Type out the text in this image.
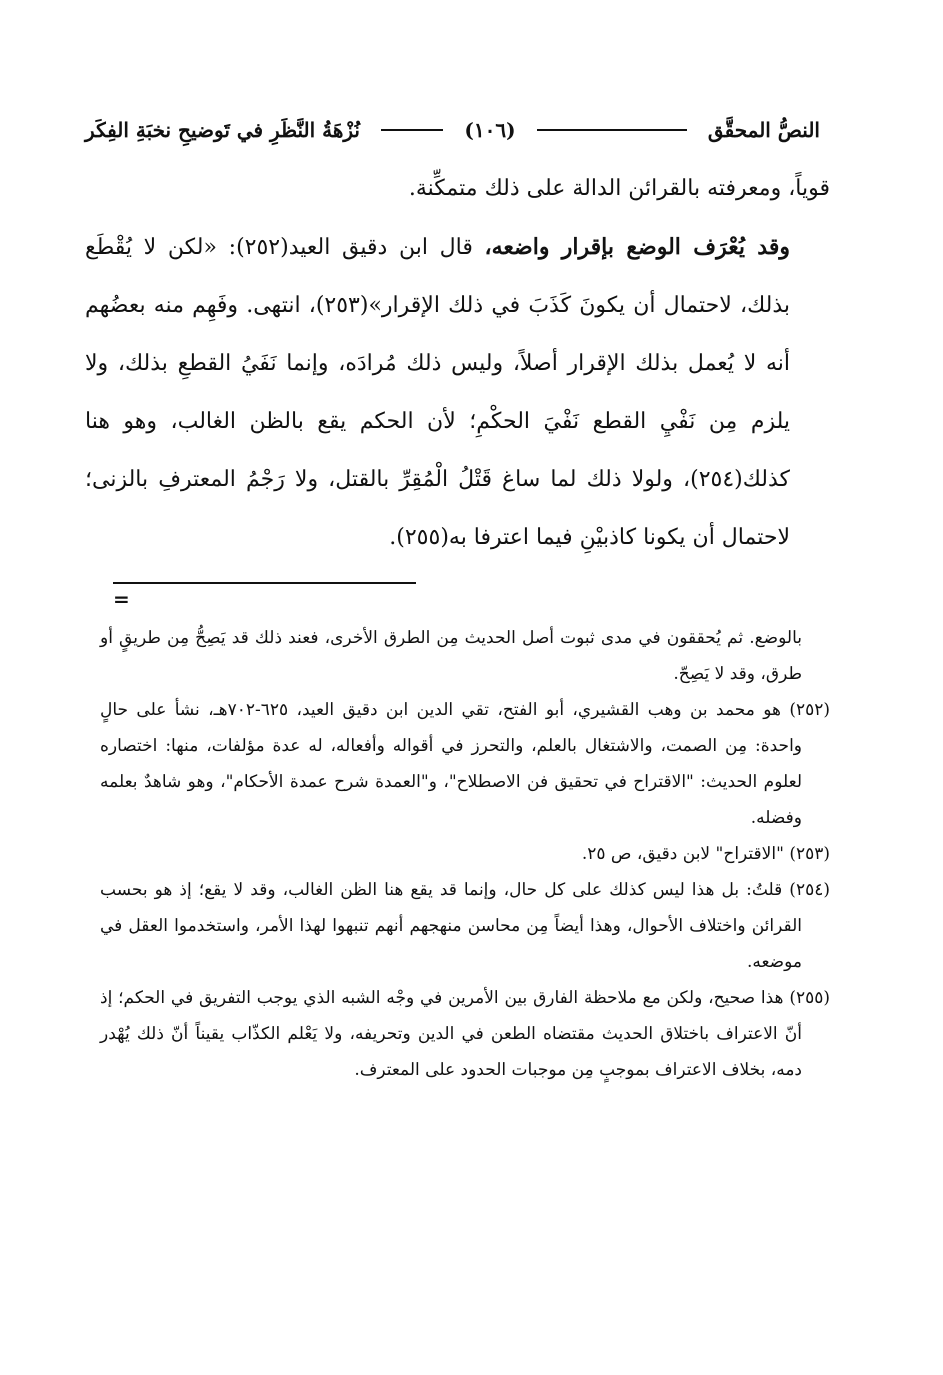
النصُّ المحقَّق
(١٠٦)
نُزْهَةُ النَّظَرِ في تَوضيحِ نخبَةِ الفِكَر

قوياً، ومعرفته بالقرائن الدالة على ذلك متمكِّنة.

وقد يُعْرَف الوضع بإقرار واضعه، قال ابن دقيق العيد(٢٥٢): «لكن لا يُقْطَع بذلك، لاحتمال أن يكونَ كَذَبَ في ذلك الإقرار»(٢٥٣)، انتهى. وفَهِم منه بعضُهم أنه لا يُعمل بذلك الإقرار أصلاً، وليس ذلك مُرادَه، وإنما نَفَيُ القطعِ بذلك، ولا يلزم مِن نَفْيِ القطع نَفْيَ الحكْمِ؛ لأن الحكم يقع بالظن الغالب، وهو هنا كذلك(٢٥٤)، ولولا ذلك لما ساغ قَتْلُ الْمُقِرِّ بالقتل، ولا رَجْمُ المعترفِ بالزنى؛ لاحتمال أن يكونا كاذبيْنِ فيما اعترفا به(٢٥٥).

=

بالوضع. ثم يُحققون في مدى ثبوت أصل الحديث مِن الطرق الأخرى، فعند ذلك قد يَصِحُّ مِن طريقٍ أو طرق، وقد لا يَصِحّ.

(٢٥٢) هو محمد بن وهب القشيري، أبو الفتح، تقي الدين ابن دقيق العيد، ٦٢٥-٧٠٢هـ، نشأ على حالٍ واحدة: مِن الصمت، والاشتغال بالعلم، والتحرز في أقواله وأفعاله، له عدة مؤلفات، منها: اختصاره لعلوم الحديث: "الاقتراح في تحقيق فن الاصطلاح"، و"العمدة شرح عمدة الأحكام"، وهو شاهدٌ بعلمه وفضله.

(٢٥٣) "الاقتراح" لابن دقيق، ص ٢٥.

(٢٥٤) قلتُ: بل هذا ليس كذلك على كل حال، وإنما قد يقع هنا الظن الغالب، وقد لا يقع؛ إذ هو بحسب القرائن واختلاف الأحوال، وهذا أيضاً مِن محاسن منهجهم أنهم تنبهوا لهذا الأمر، واستخدموا العقل في موضعه.

(٢٥٥) هذا صحيح، ولكن مع ملاحظة الفارق بين الأمرين في وجْه الشبه الذي يوجب التفريق في الحكم؛ إذ أنّ الاعتراف باختلاق الحديث مقتضاه الطعن في الدين وتحريفه، ولا يَعْلم الكذّاب يقيناً أنّ ذلك يُهْدر دمه، بخلاف الاعتراف بموجبٍ مِن موجبات الحدود على المعترف.
